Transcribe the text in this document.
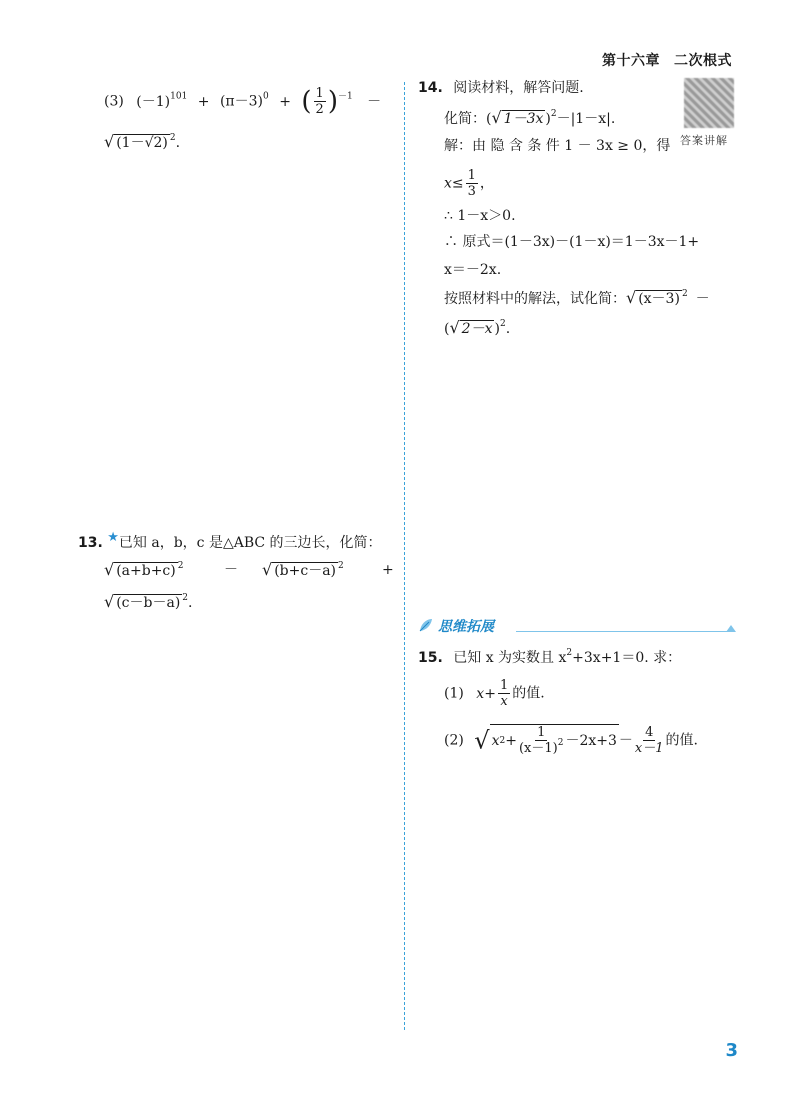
第十六章 二次根式
(3) $(-1)^{101} + (\pi-3)^0$ + ( $\frac{1}{2} )^{-1}$ －
√ (1－√2) $^2$.
13. ★已知 a，b，c 是△ABC 的三边长，化简：
√ (a+b+c) $^2$	－ √ (b+c－a) $^2$	+
√ (c－b－a) $^2$.
14. 阅读材料，解答问题.
化简：(√ 1－3x )$^2$－|1－x|.
解：由 隐 含 条 件 1 － 3x ≥ 0，得
$x\le \frac{1}{3}$ ，
∴ 1－x＞0.
∴ 原式＝(1－3x)－(1－x)＝1－3x－1+
x＝－2x.
按照材料中的解法，试化简：√ (x－3) $^2$ －
(√ 2－x )$^2$.
答案讲解
思维拓展
15. 已知 x 为实数且 $x^2+3x+1=0$. 求：
(1) $x+ \frac{1}{x}$ 的值.
(2) √ x $2 + \frac{1}{(x-1)^2} -2x+3 - \frac{4}{x-1}$ 的值.
3
